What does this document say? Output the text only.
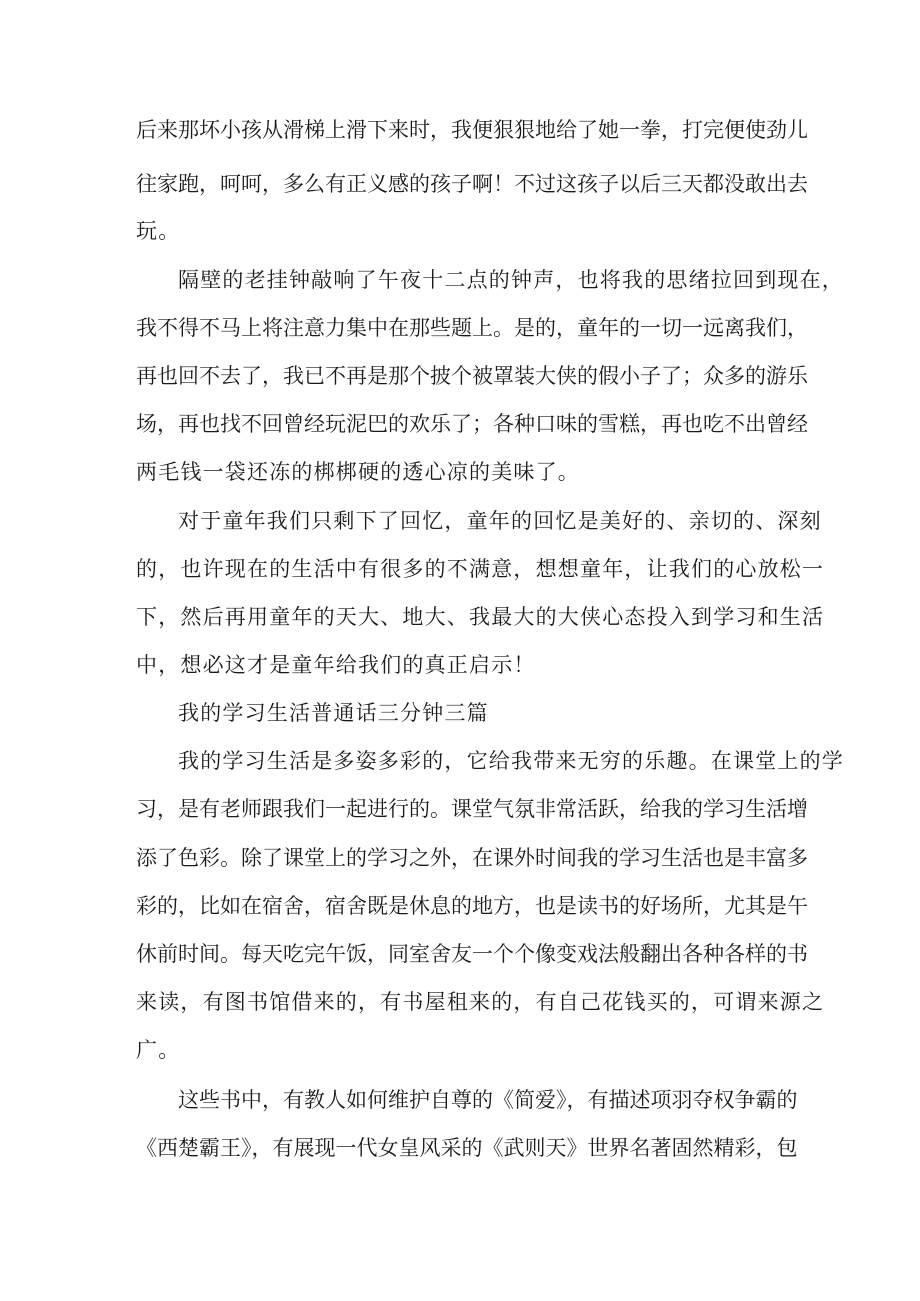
后来那坏小孩从滑梯上滑下来时，我便狠狠地给了她一拳，打完便使劲儿
往家跑，呵呵，多么有正义感的孩子啊！不过这孩子以后三天都没敢出去
玩。
隔壁的老挂钟敲响了午夜十二点的钟声，也将我的思绪拉回到现在，
我不得不马上将注意力集中在那些题上。是的，童年的一切一远离我们，
再也回不去了，我已不再是那个披个被罩装大侠的假小子了；众多的游乐
场，再也找不回曾经玩泥巴的欢乐了；各种口味的雪糕，再也吃不出曾经
两毛钱一袋还冻的梆梆硬的透心凉的美味了。
对于童年我们只剩下了回忆，童年的回忆是美好的、亲切的、深刻
的，也许现在的生活中有很多的不满意，想想童年，让我们的心放松一
下，然后再用童年的天大、地大、我最大的大侠心态投入到学习和生活
中，想必这才是童年给我们的真正启示！
我的学习生活普通话三分钟三篇
我的学习生活是多姿多彩的，它给我带来无穷的乐趣。在课堂上的学
习，是有老师跟我们一起进行的。课堂气氛非常活跃，给我的学习生活增
添了色彩。除了课堂上的学习之外，在课外时间我的学习生活也是丰富多
彩的，比如在宿舍，宿舍既是休息的地方，也是读书的好场所，尤其是午
休前时间。每天吃完午饭，同室舍友一个个像变戏法般翻出各种各样的书
来读，有图书馆借来的，有书屋租来的，有自己花钱买的，可谓来源之
广。
这些书中，有教人如何维护自尊的《简爱》，有描述项羽夺权争霸的
《西楚霸王》，有展现一代女皇风采的《武则天》世界名著固然精彩，包
